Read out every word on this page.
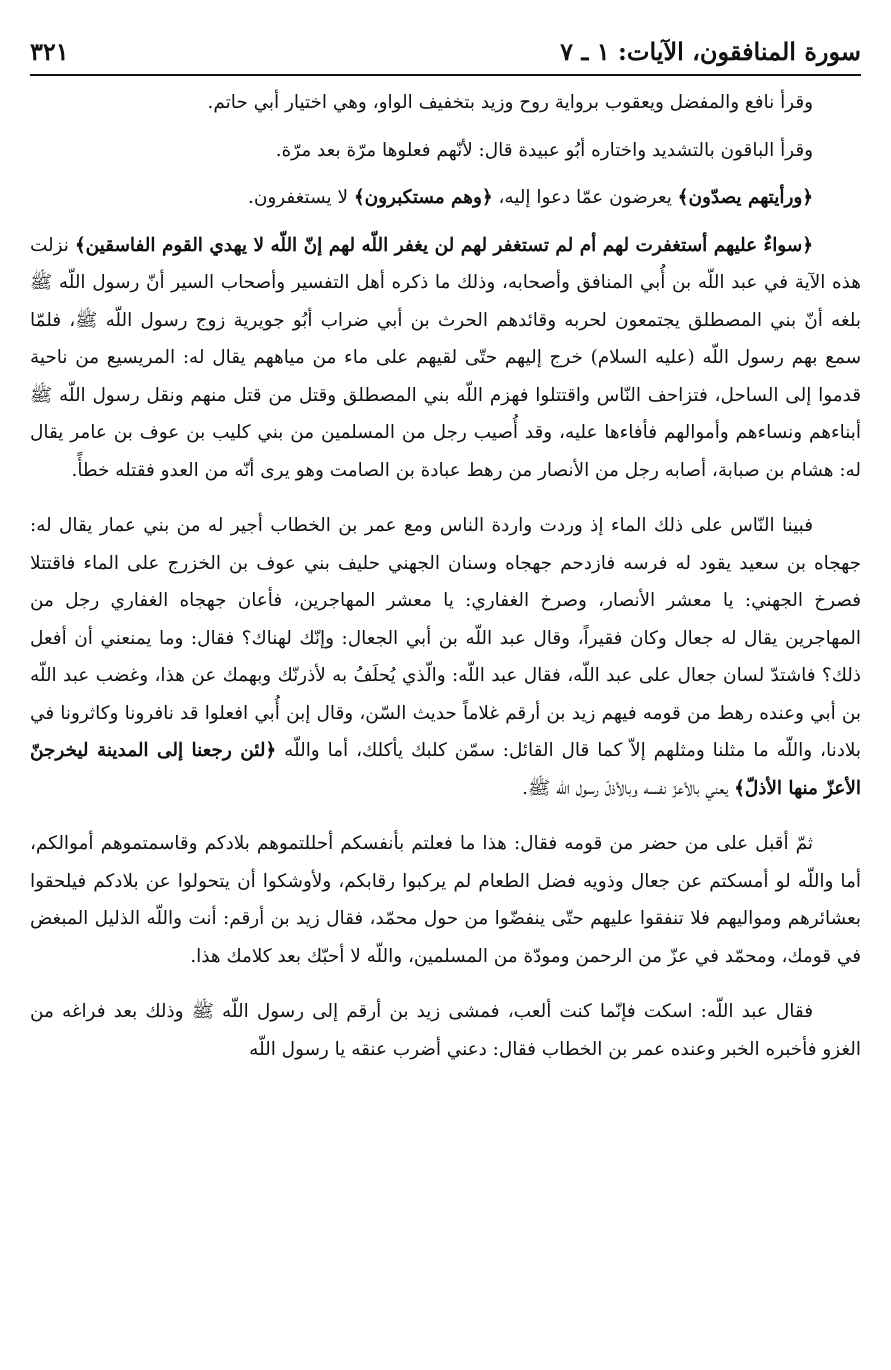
سورة المنافقون، الآيات: ١ ـ ٧
٣٢١

وقرأ نافع والمفضل ويعقوب برواية روح وزيد بتخفيف الواو، وهي اختيار أبي حاتم.

وقرأ الباقون بالتشديد واختاره أبُو عبيدة قال: لأنّهم فعلوها مرّة بعد مرّة.

﴿ورأيتهم يصدّون﴾ يعرضون عمّا دعوا إليه، ﴿وهم مستكبرون﴾ لا يستغفرون.

﴿سواءٌ عليهم أستغفرت لهم أم لم تستغفر لهم لن يغفر اللّه لهم إنّ اللّه لا يهدي القوم الفاسقين﴾ نزلت هذه الآية في عبد اللّه بن أُبي المنافق وأصحابه، وذلك ما ذكره أهل التفسير وأصحاب السير أنّ رسول اللّه ﷺ بلغه أنّ بني المصطلق يجتمعون لحربه وقائدهم الحرث بن أبي ضراب أبُو جويرية زوج رسول اللّه ﷺ، فلمّا سمع بهم رسول اللّه (عليه السلام) خرج إليهم حتّى لقيهم على ماء من مياههم يقال له: المريسيع من ناحية قدموا إلى الساحل، فتزاحف النّاس واقتتلوا فهزم اللّه بني المصطلق وقتل من قتل منهم ونقل رسول اللّه ﷺ أبناءهم ونساءهم وأموالهم فأفاءها عليه، وقد أُصيب رجل من المسلمين من بني كليب بن عوف بن عامر يقال له: هشام بن صبابة، أصابه رجل من الأنصار من رهط عبادة بن الصامت وهو يرى أنّه من العدو فقتله خطأً.

فبينا النّاس على ذلك الماء إذ وردت واردة الناس ومع عمر بن الخطاب أجير له من بني عمار يقال له: جهجاه بن سعيد يقود له فرسه فازدحم جهجاه وسنان الجهني حليف بني عوف بن الخزرج على الماء فاقتتلا فصرخ الجهني: يا معشر الأنصار، وصرخ الغفاري: يا معشر المهاجرين، فأعان جهجاه الغفاري رجل من المهاجرين يقال له جعال وكان فقيراً، وقال عبد اللّه بن أبي الجعال: وإنّك لهناك؟ فقال: وما يمنعني أن أفعل ذلك؟ فاشتدّ لسان جعال على عبد اللّه، فقال عبد اللّه: والّذي يُحلَفُ به لأذرنّك وبهمك عن هذا، وغضب عبد اللّه بن أبي وعنده رهط من قومه فيهم زيد بن أرقم غلاماً حديث السّن، وقال إبن أُبي افعلوا قد نافرونا وكاثرونا في بلادنا، واللّه ما مثلنا ومثلهم إلاّ كما قال القائل: سمّن كلبك يأكلك، أما واللّه ﴿لئن رجعنا إلى المدينة ليخرجنّ الأعزّ منها الأذلّ﴾ يعني بالأعزّ نفسه وبالأذلّ رسول اللّه ﷺ.

ثمّ أقبل على من حضر من قومه فقال: هذا ما فعلتم بأنفسكم أحللتموهم بلادكم وقاسمتموهم أموالكم، أما واللّه لو أمسكتم عن جعال وذويه فضل الطعام لم يركبوا رقابكم، ولأوشكوا أن يتحولوا عن بلادكم فيلحقوا بعشائرهم ومواليهم فلا تنفقوا عليهم حتّى ينفضّوا من حول محمّد، فقال زيد بن أرقم: أنت واللّه الذليل المبغض في قومك، ومحمّد في عزّ من الرحمن ومودّة من المسلمين، واللّه لا أحبّك بعد كلامك هذا.

فقال عبد اللّه: اسكت فإنّما كنت ألعب، فمشى زيد بن أرقم إلى رسول اللّه ﷺ وذلك بعد فراغه من الغزو فأخبره الخبر وعنده عمر بن الخطاب فقال: دعني أضرب عنقه يا رسول اللّه
